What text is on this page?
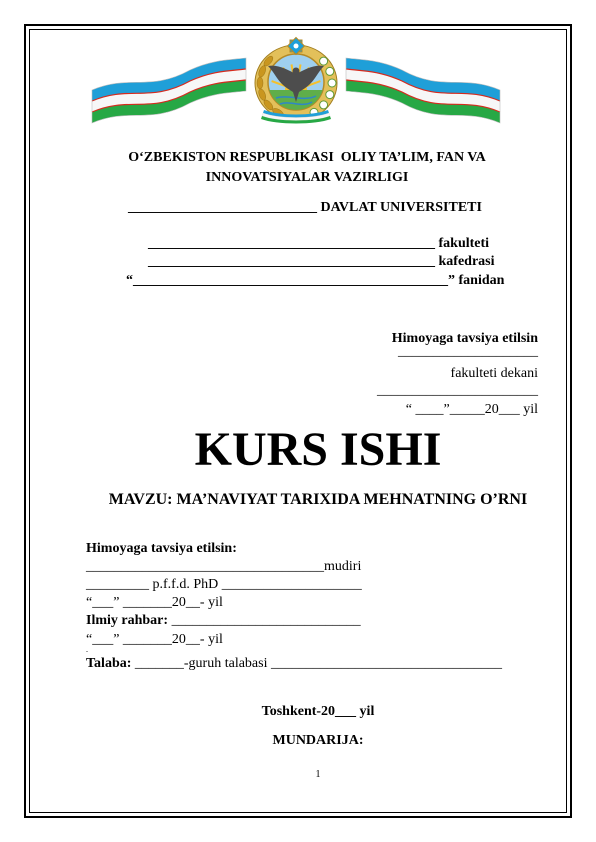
O‘ZBEKISTON RESPUBLIKASI  OLIY TA’LIM, FAN VA
INNOVATSIYALAR VAZIRLIGI
___________________________ DAVLAT UNIVERSITETI
_________________________________________ fakulteti
_________________________________________ kafedrasi
“_____________________________________________” fanidan
Himoyaga tavsiya etilsin
____________________
fakulteti dekani
_______________________
“ ____”_____20___ yil
KURS ISHI
MAVZU: MA’NAVIYAT TARIXIDA MEHNATNING O’RNI
Himoyaga tavsiya etilsin:
__________________________________mudiri
_________ p.f.f.d. PhD ____________________
“___” _______20__- yil
Ilmiy rahbar: ___________________________
“___” _______20__- yil
.
Talaba: _______-guruh talabasi _________________________________
Toshkent-20___ yil
MUNDARIJA:
1
